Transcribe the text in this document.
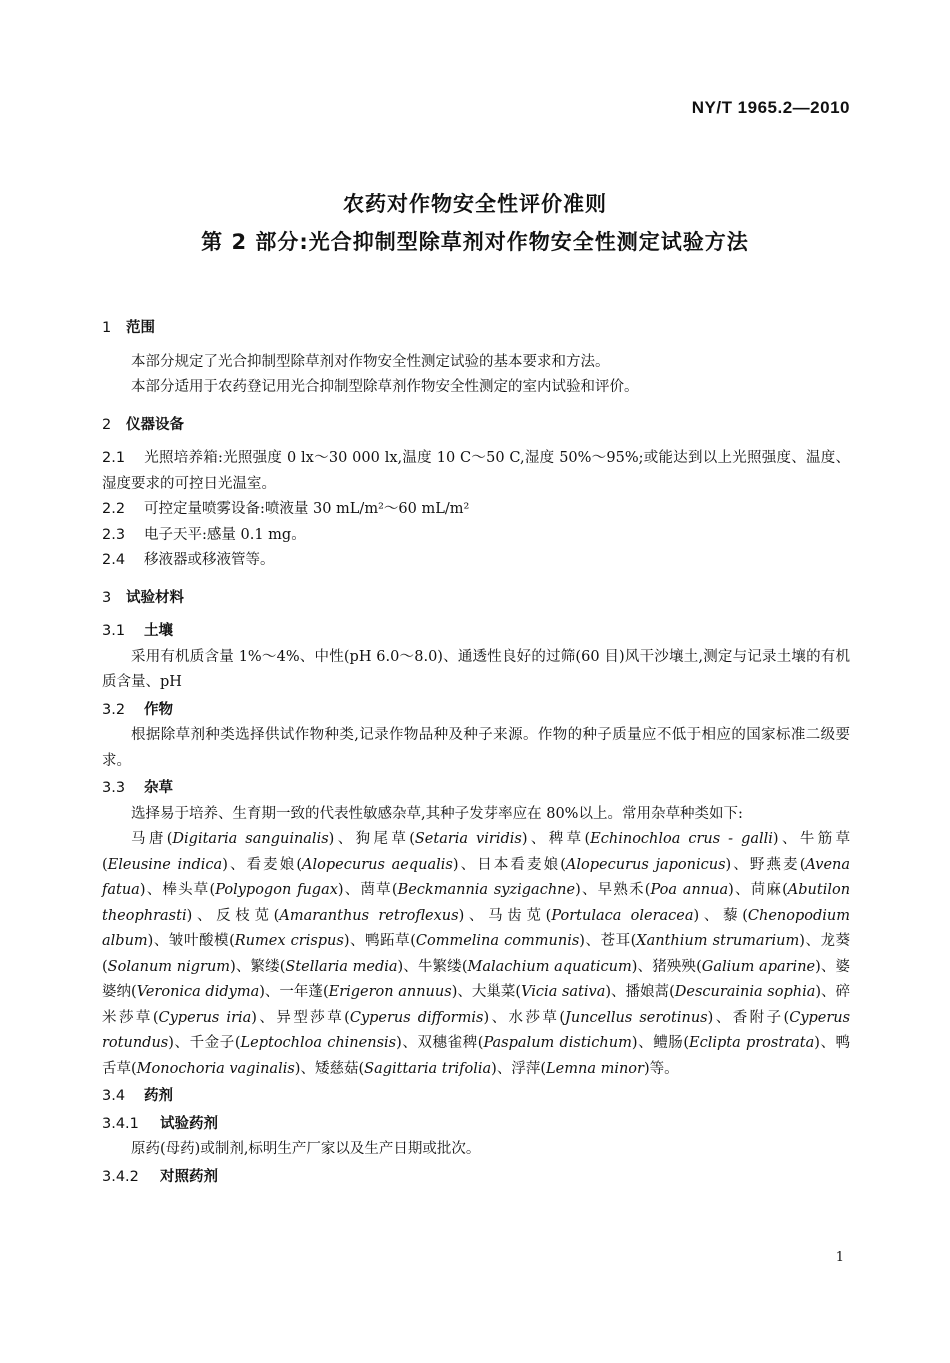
NY/T 1965.2—2010
农药对作物安全性评价准则
第 2 部分:光合抑制型除草剂对作物安全性测定试验方法
1 范围
本部分规定了光合抑制型除草剂对作物安全性测定试验的基本要求和方法。
本部分适用于农药登记用光合抑制型除草剂作物安全性测定的室内试验和评价。
2 仪器设备
2.1 光照培养箱:光照强度 0 lx～30 000 lx,温度 10 C～50 C,湿度 50%～95%;或能达到以上光照强度、温度、湿度要求的可控日光温室。
2.2 可控定量喷雾设备:喷液量 30 mL/m²～60 mL/m²
2.3 电子天平:感量 0.1 mg。
2.4 移液器或移液管等。
3 试验材料
3.1 土壤
采用有机质含量 1%～4%、中性(pH 6.0～8.0)、通透性良好的过筛(60 目)风干沙壤土,测定与记录土壤的有机质含量、pH
3.2 作物
根据除草剂种类选择供试作物种类,记录作物品种及种子来源。作物的种子质量应不低于相应的国家标准二级要求。
3.3 杂草
选择易于培养、生育期一致的代表性敏感杂草,其种子发芽率应在 80%以上。常用杂草种类如下:
马唐(Digitaria sanguinalis)、狗尾草(Setaria viridis)、稗草(Echinochloa crus - galli)、牛筋草(Eleusine indica)、看麦娘(Alopecurus aequalis)、日本看麦娘(Alopecurus japonicus)、野燕麦(Avena fatua)、棒头草(Polypogon fugax)、菵草(Beckmannia syzigachne)、早熟禾(Poa annua)、苘麻(Abutilon theophrasti)、反枝苋(Amaranthus retroflexus)、马齿苋(Portulaca oleracea)、藜(Chenopodium album)、皱叶酸模(Rumex crispus)、鸭跖草(Commelina communis)、苍耳(Xanthium strumarium)、龙葵(Solanum nigrum)、繁缕(Stellaria media)、牛繁缕(Malachium aquaticum)、猪殃殃(Galium aparine)、婆婆纳(Veronica didyma)、一年蓬(Erigeron annuus)、大巢菜(Vicia sativa)、播娘蒿(Descurainia sophia)、碎米莎草(Cyperus iria)、异型莎草(Cyperus difformis)、水莎草(Juncellus serotinus)、香附子(Cyperus rotundus)、千金子(Leptochloa chinensis)、双穗雀稗(Paspalum distichum)、鳢肠(Eclipta prostrata)、鸭舌草(Monochoria vaginalis)、矮慈菇(Sagittaria trifolia)、浮萍(Lemna minor)等。
3.4 药剂
3.4.1 试验药剂
原药(母药)或制剂,标明生产厂家以及生产日期或批次。
3.4.2 对照药剂
1
